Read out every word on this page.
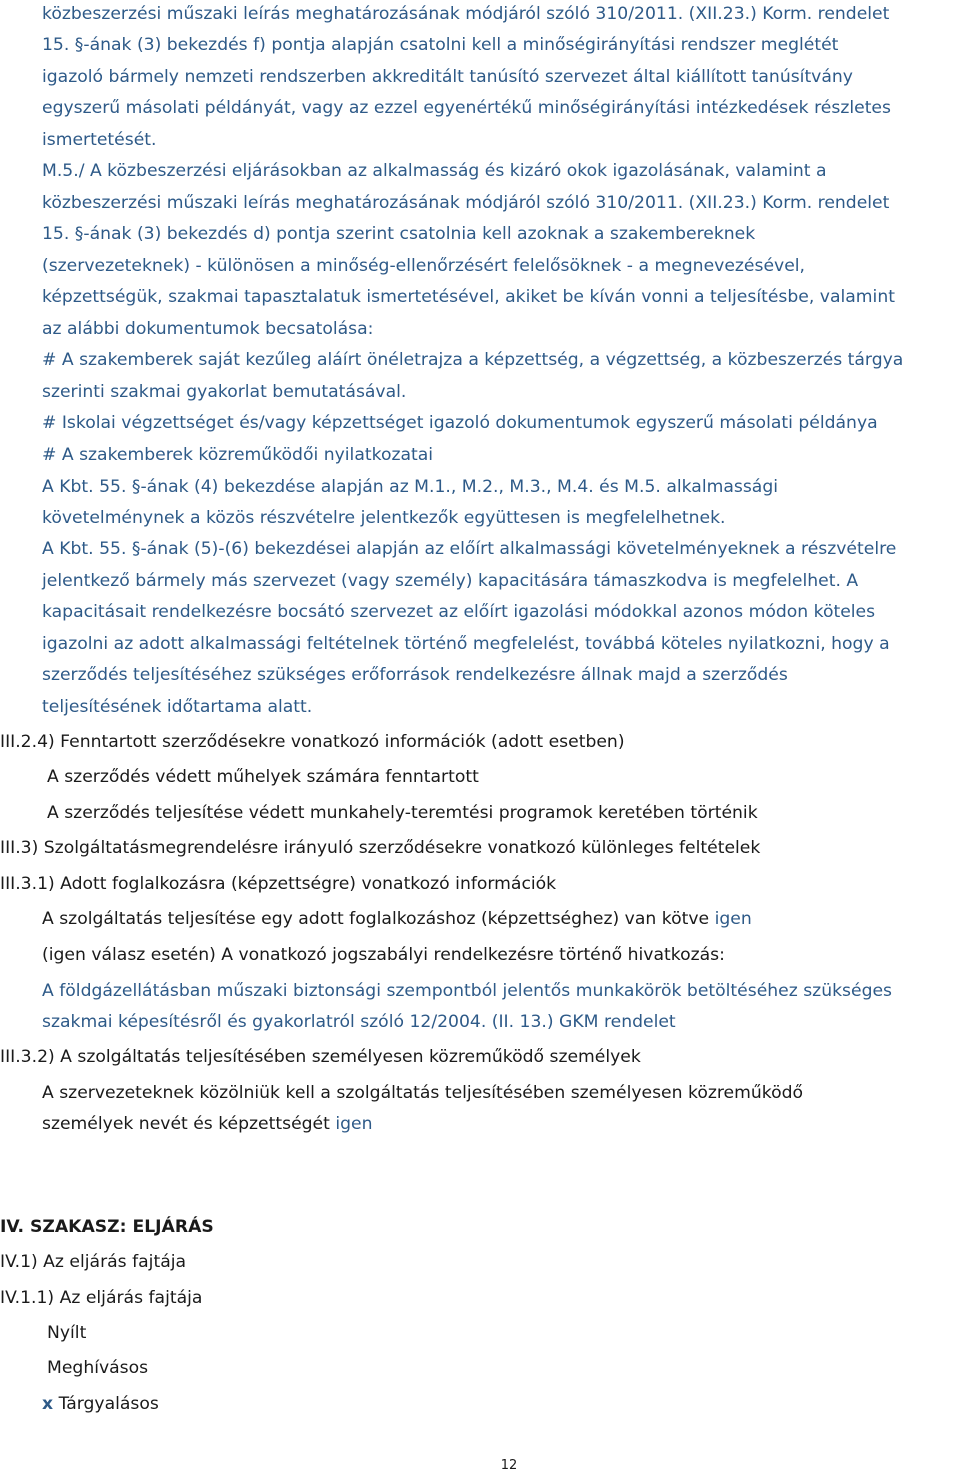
közbeszerzési műszaki leírás meghatározásának módjáról szóló 310/2011. (XII.23.) Korm. rendelet
15. §-ának (3) bekezdés f) pontja alapján csatolni kell a minőségirányítási rendszer meglétét
igazoló bármely nemzeti rendszerben akkreditált tanúsító szervezet által kiállított tanúsítvány
egyszerű másolati példányát, vagy az ezzel egyenértékű minőségirányítási intézkedések részletes
ismertetését.
M.5./ A közbeszerzési eljárásokban az alkalmasság és kizáró okok igazolásának, valamint a
közbeszerzési műszaki leírás meghatározásának módjáról szóló 310/2011. (XII.23.) Korm. rendelet
15. §-ának (3) bekezdés d) pontja szerint csatolnia kell azoknak a szakembereknek
(szervezeteknek) - különösen a minőség-ellenőrzésért felelősöknek - a megnevezésével,
képzettségük, szakmai tapasztalatuk ismertetésével, akiket be kíván vonni a teljesítésbe, valamint
az alábbi dokumentumok becsatolása:
# A szakemberek saját kezűleg aláírt önéletrajza a képzettség, a végzettség, a közbeszerzés tárgya
szerinti szakmai gyakorlat bemutatásával.
# Iskolai végzettséget és/vagy képzettséget igazoló dokumentumok egyszerű másolati példánya
# A szakemberek közreműködői nyilatkozatai
A Kbt. 55. §-ának (4) bekezdése alapján az M.1., M.2., M.3., M.4. és M.5. alkalmassági
követelménynek a közös részvételre jelentkezők együttesen is megfelelhetnek.
A Kbt. 55. §-ának (5)-(6) bekezdései alapján az előírt alkalmassági követelményeknek a részvételre
jelentkező bármely más szervezet (vagy személy) kapacitására támaszkodva is megfelelhet. A
kapacitásait rendelkezésre bocsátó szervezet az előírt igazolási módokkal azonos módon köteles
igazolni az adott alkalmassági feltételnek történő megfelelést, továbbá köteles nyilatkozni, hogy a
szerződés teljesítéséhez szükséges erőforrások rendelkezésre állnak majd a szerződés
teljesítésének időtartama alatt.
III.2.4) Fenntartott szerződésekre vonatkozó információk (adott esetben)
A szerződés védett műhelyek számára fenntartott
A szerződés teljesítése védett munkahely-teremtési programok keretében történik
III.3) Szolgáltatásmegrendelésre irányuló szerződésekre vonatkozó különleges feltételek
III.3.1) Adott foglalkozásra (képzettségre) vonatkozó információk
A szolgáltatás teljesítése egy adott foglalkozáshoz (képzettséghez) van kötve igen
(igen válasz esetén) A vonatkozó jogszabályi rendelkezésre történő hivatkozás:
A földgázellátásban műszaki biztonsági szempontból jelentős munkakörök betöltéséhez szükséges
szakmai képesítésről és gyakorlatról szóló 12/2004. (II. 13.) GKM rendelet
III.3.2) A szolgáltatás teljesítésében személyesen közreműködő személyek
A szervezeteknek közölniük kell a szolgáltatás teljesítésében személyesen közreműködő
személyek nevét és képzettségét igen
IV. SZAKASZ: ELJÁRÁS
IV.1) Az eljárás fajtája
IV.1.1) Az eljárás fajtája
Nyílt
Meghívásos
x Tárgyalásos
12
